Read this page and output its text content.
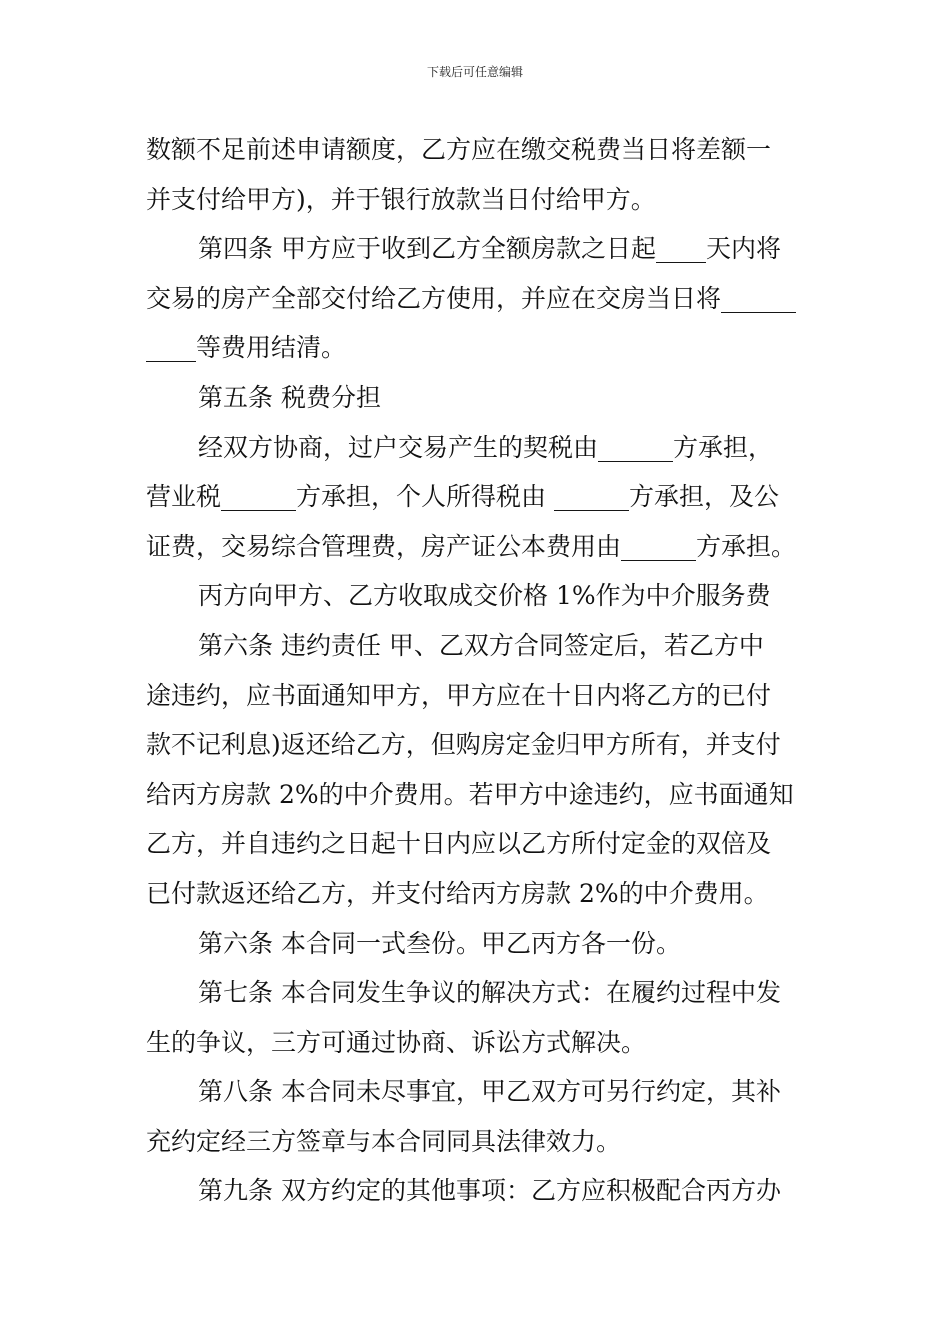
下载后可任意编辑
数额不足前述申请额度，乙方应在缴交税费当日将差额一
并支付给甲方)，并于银行放款当日付给甲方。
第四条 甲方应于收到乙方全额房款之日起____天内将
交易的房产全部交付给乙方使用，并应在交房当日将______
____等费用结清。
第五条 税费分担
经双方协商，过户交易产生的契税由______方承担，
营业税______方承担，个人所得税由 ______方承担，及公
证费，交易综合管理费，房产证公本费用由______方承担。
丙方向甲方、乙方收取成交价格 1%作为中介服务费
第六条 违约责任 甲、乙双方合同签定后，若乙方中
途违约，应书面通知甲方，甲方应在十日内将乙方的已付
款不记利息)返还给乙方，但购房定金归甲方所有，并支付
给丙方房款 2%的中介费用。若甲方中途违约，应书面通知
乙方，并自违约之日起十日内应以乙方所付定金的双倍及
已付款返还给乙方，并支付给丙方房款 2%的中介费用。
第六条 本合同一式叁份。甲乙丙方各一份。
第七条 本合同发生争议的解决方式：在履约过程中发
生的争议，三方可通过协商、诉讼方式解决。
第八条 本合同未尽事宜，甲乙双方可另行约定，其补
充约定经三方签章与本合同同具法律效力。
第九条 双方约定的其他事项：乙方应积极配合丙方办
